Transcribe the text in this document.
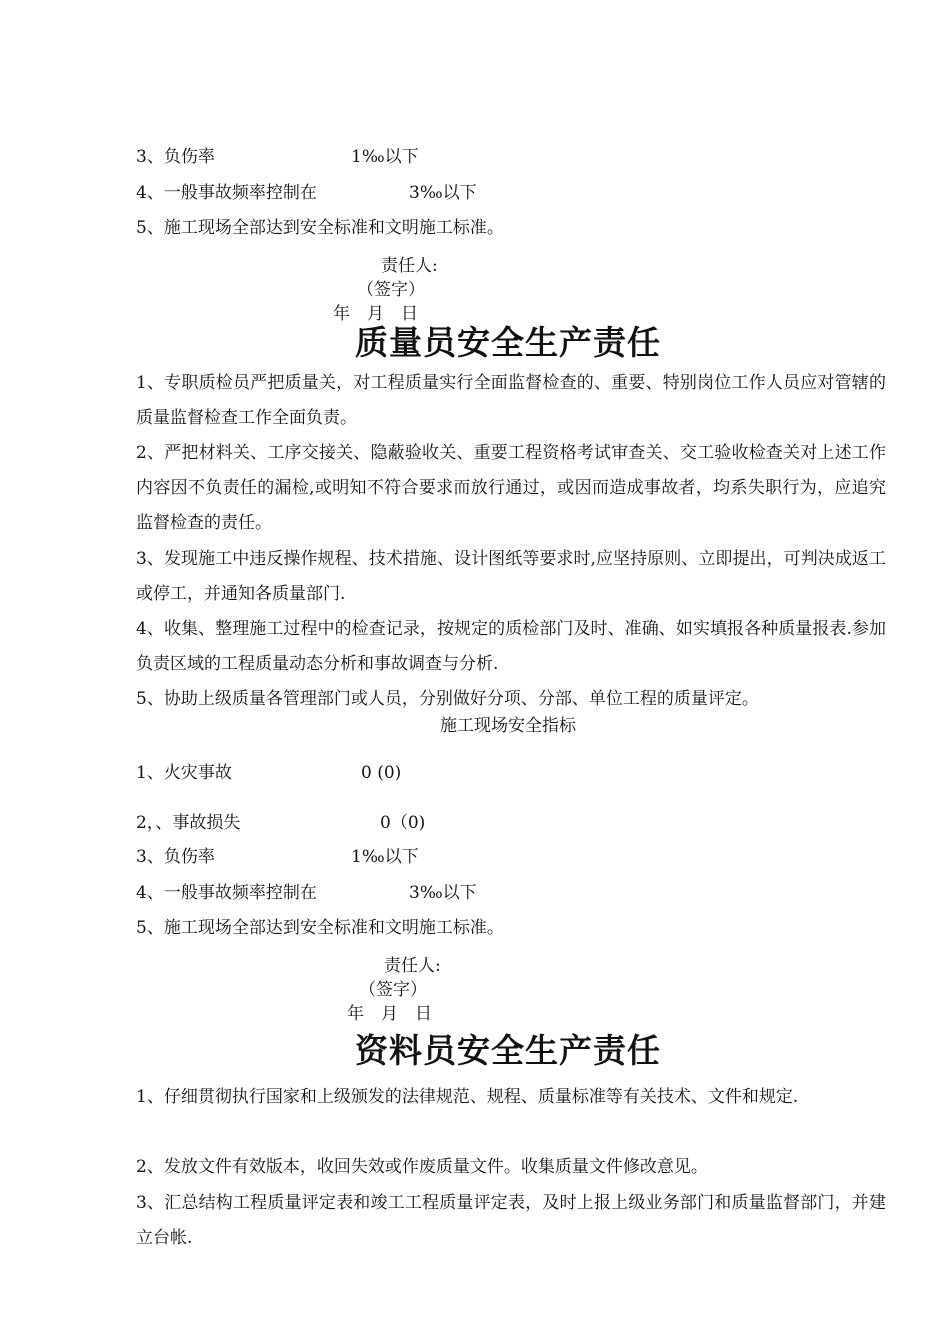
3、负伤率	1‰以下
4、一般事故频率控制在	3‰以下
5、施工现场全部达到安全标准和文明施工标准。
责任人:
（签字）
年　月　日
质量员安全生产责任
1、专职质检员严把质量关，对工程质量实行全面监督检查的、重要、特别岗位工作人员应对管辖的质量监督检查工作全面负责。
2、严把材料关、工序交接关、隐蔽验收关、重要工程资格考试审查关、交工验收检查关对上述工作内容因不负责任的漏检,或明知不符合要求而放行通过，或因而造成事故者，均系失职行为，应追究监督检查的责任。
3、发现施工中违反操作规程、技术措施、设计图纸等要求时,应坚持原则、立即提出，可判决成返工或停工，并通知各质量部门.
4、收集、整理施工过程中的检查记录，按规定的质检部门及时、准确、如实填报各种质量报表.参加负责区域的工程质量动态分析和事故调查与分析.
5、协助上级质量各管理部门或人员，分别做好分项、分部、单位工程的质量评定。
施工现场安全指标
1、火灾事故	0 (0)
2，、事故损失	0（0)
3、负伤率	1‰以下
4、一般事故频率控制在	3‰以下
5、施工现场全部达到安全标准和文明施工标准。
责任人:
（签字）
年　月　日
资料员安全生产责任
1、仔细贯彻执行国家和上级颁发的法律规范、规程、质量标准等有关技术、文件和规定.
2、发放文件有效版本，收回失效或作废质量文件。收集质量文件修改意见。
3、汇总结构工程质量评定表和竣工工程质量评定表，及时上报上级业务部门和质量监督部门，并建立台帐.
